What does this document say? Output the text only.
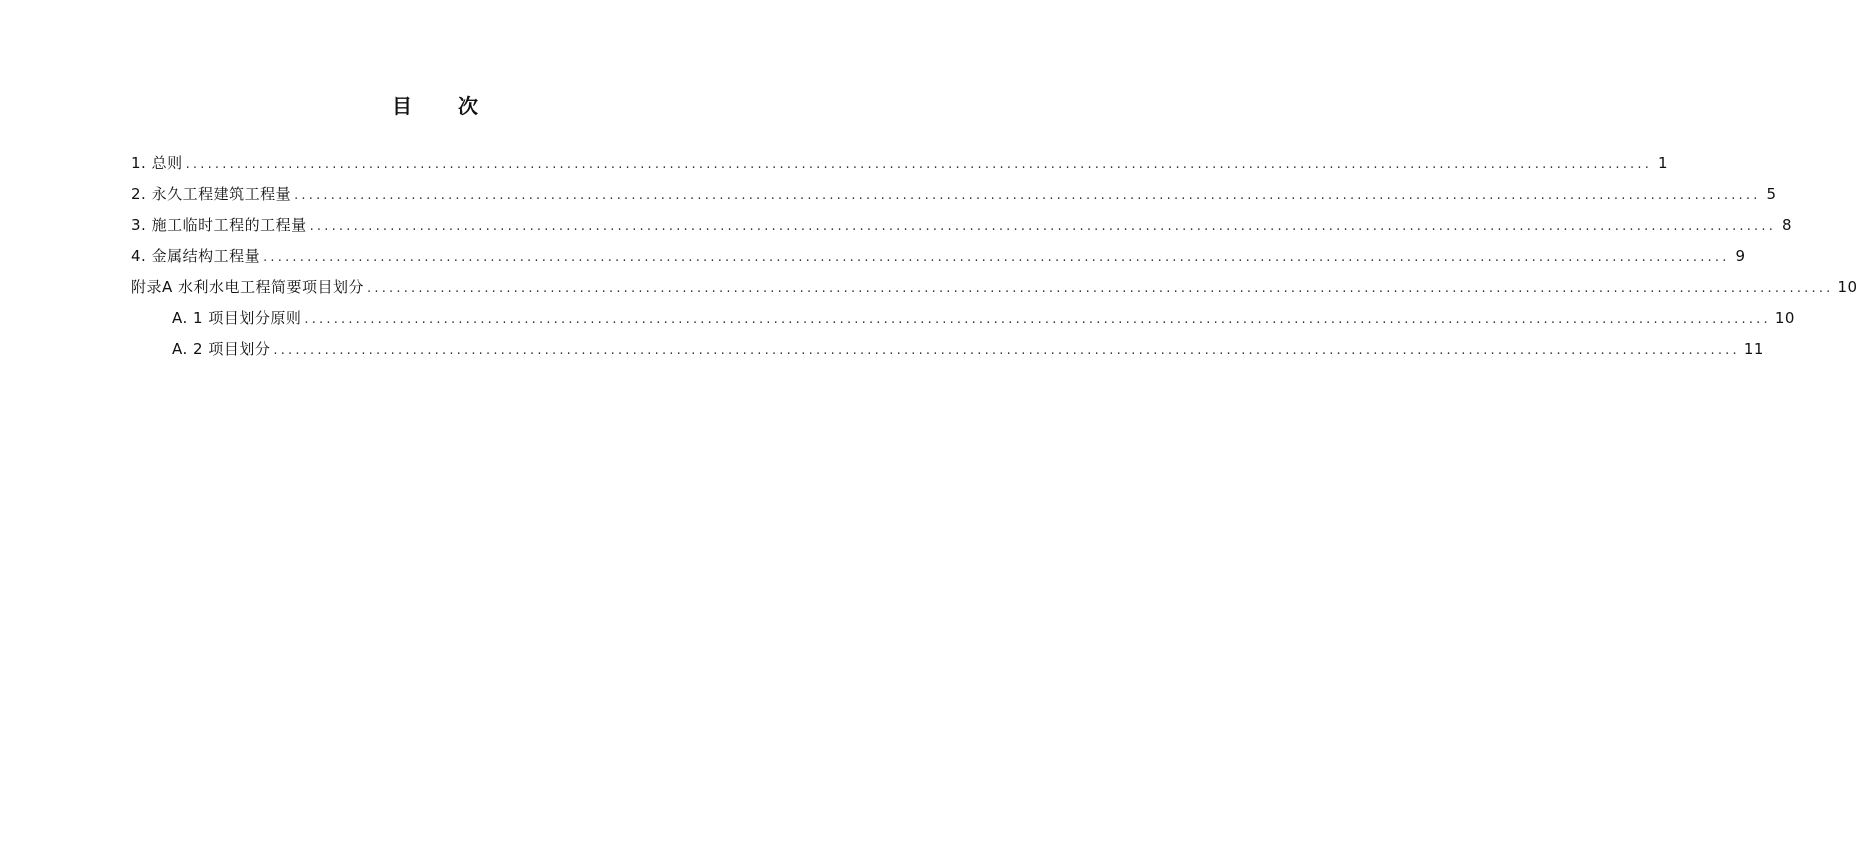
目 次
1. 总则 ........................................................................................................................................................................................................ 1
2. 永久工程建筑工程量 ........................................................................................................................................................................................................ 5
3. 施工临时工程的工程量 ........................................................................................................................................................................................................ 8
4. 金属结构工程量 ........................................................................................................................................................................................................ 9
附录A 水利水电工程简要项目划分 ........................................................................................................................................................................................................ 10
A. 1 项目划分原则 ........................................................................................................................................................................................................ 10
A. 2 项目划分 ........................................................................................................................................................................................................ 11
